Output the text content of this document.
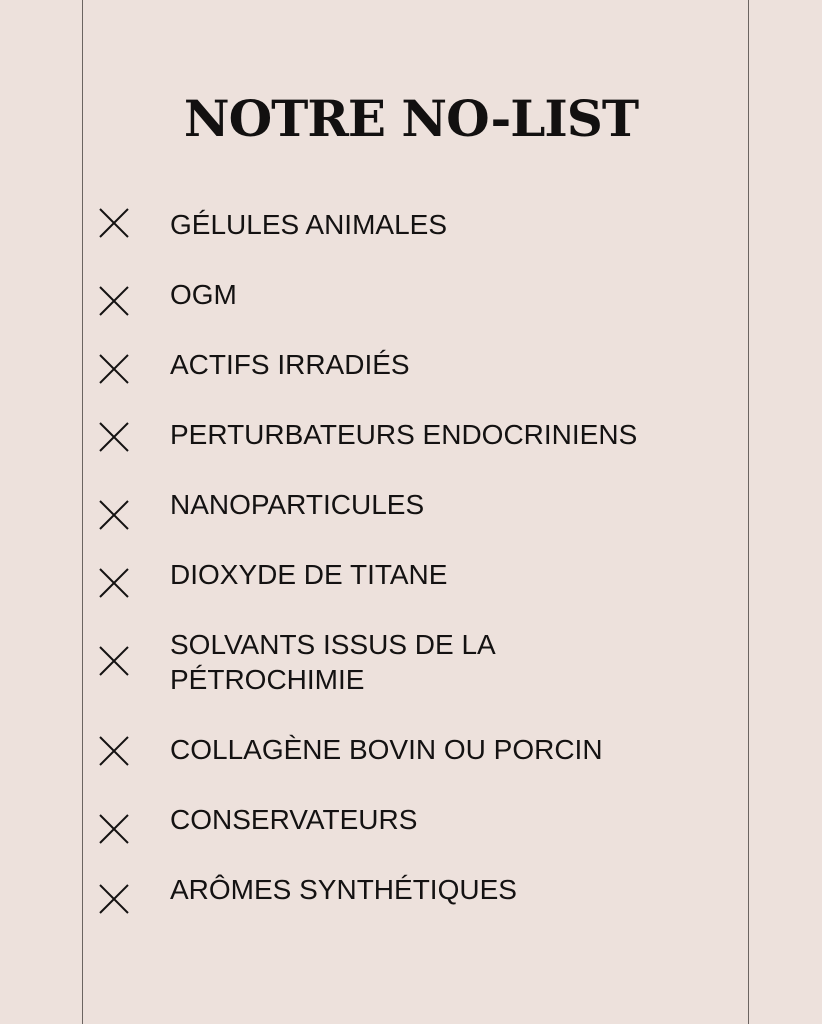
NOTRE NO-LIST
GÉLULES ANIMALES
OGM
ACTIFS IRRADIÉS
PERTURBATEURS ENDOCRINIENS
NANOPARTICULES
DIOXYDE DE TITANE
SOLVANTS ISSUS DE LA PÉTROCHIMIE
COLLAGÈNE BOVIN OU PORCIN
CONSERVATEURS
ARÔMES SYNTHÉTIQUES
